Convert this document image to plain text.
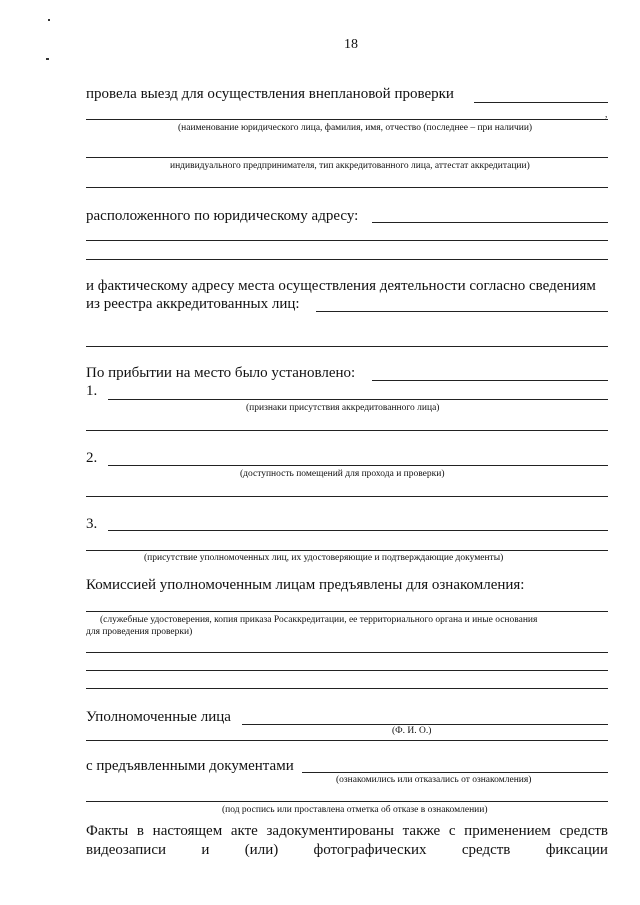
18
провела выезд для осуществления внеплановой проверки
,
(наименование юридического лица, фамилия, имя, отчество (последнее – при наличии)
индивидуального предпринимателя, тип аккредитованного лица, аттестат аккредитации)
расположенного по юридическому адресу:
и фактическому адресу места осуществления деятельности согласно сведениям
из реестра аккредитованных лиц:
По прибытии на место было установлено:
1.
(признаки присутствия аккредитованного лица)
2.
(доступность помещений для прохода и проверки)
3.
(присутствие уполномоченных лиц, их удостоверяющие и подтверждающие документы)
Комиссией уполномоченным лицам предъявлены для ознакомления:
(служебные удостоверения, копия приказа Росаккредитации, ее территориального органа и иные основания
для проведения проверки)
Уполномоченные лица
(Ф. И. О.)
с предъявленными документами
(ознакомились или отказались от ознакомления)
(под роспись или проставлена отметка об отказе в ознакомлении)
Факты в настоящем акте задокументированы также с применением средств
видеозаписи и (или) фотографических средств фиксации
